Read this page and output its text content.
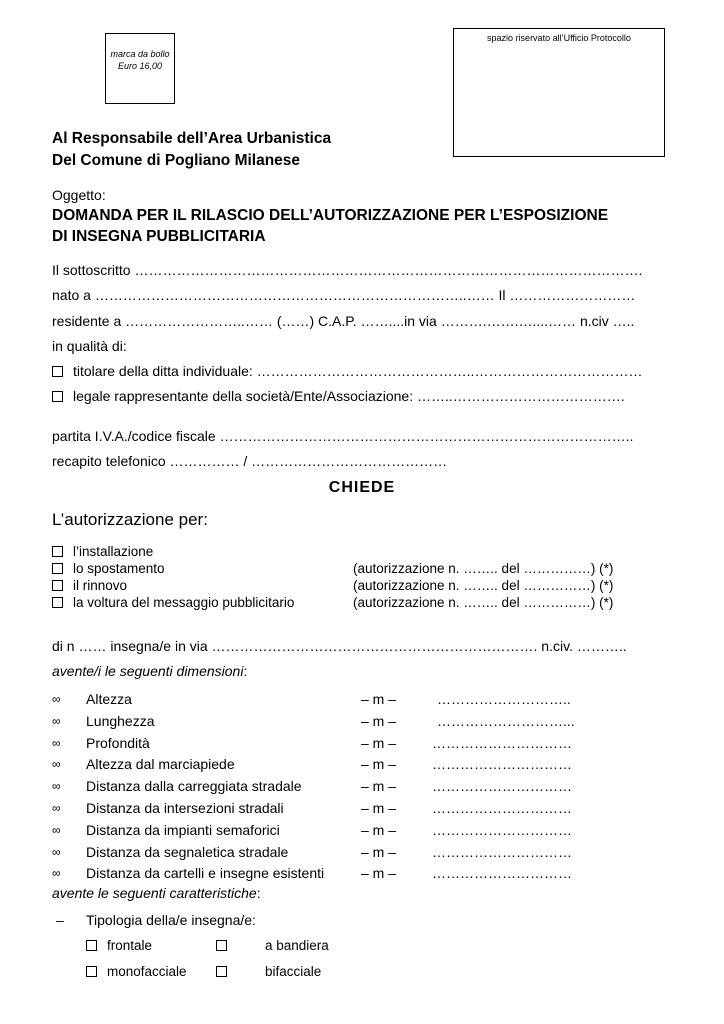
marca da bollo
Euro 16,00
spazio riservato all’Ufficio Protocollo
Al Responsabile dell’Area Urbanistica
Del Comune di Pogliano Milanese
Oggetto:
DOMANDA PER IL RILASCIO DELL’AUTORIZZAZIONE PER L’ESPOSIZIONE
DI INSEGNA PUBBLICITARIA
Il sottoscritto ……………………………………………………………………………………………….
nato a ……………………………………………………………………..…… Il ………………………
residente a ……………………..…… (……) C.A.P. ……....in via ……….…….…....…… n.civ …..
in qualità di:
titolare della ditta individuale: ………………………………………..………………………………
legale rappresentante della società/Ente/Associazione: ……..……………………………….
partita I.V.A./codice fiscale ……………………………………………………………………………..
recapito telefonico …………… / ……………………………………
CHIEDE
L’autorizzazione per:
l’installazione
lo spostamento	(autorizzazione n. …….. del ……………) (*)
il rinnovo	(autorizzazione n. …….. del ……………) (*)
la voltura del messaggio pubblicitario	(autorizzazione n. …….. del ……………) (*)
di n …… insegna/e in via ……………………………………………………………. n.civ. ………..
avente/i le seguenti dimensioni:
∞ Altezza	– m –	………………………..
∞ Lunghezza	– m –	………………………...
∞ Profondità	– m –	…………………………
∞ Altezza dal marciapiede	– m –	…………………………
∞ Distanza dalla carreggiata stradale	– m –	…………………………
∞ Distanza da intersezioni stradali	– m –	…………………………
∞ Distanza da impianti semaforici	– m –	…………………………
∞ Distanza da segnaletica stradale	– m –	…………………………
∞ Distanza da cartelli e insegne esistenti	– m –	…………………………
avente le seguenti caratteristiche:
– Tipologia della/e insegna/e:
frontale	a bandiera
monofacciale	bifacciale
